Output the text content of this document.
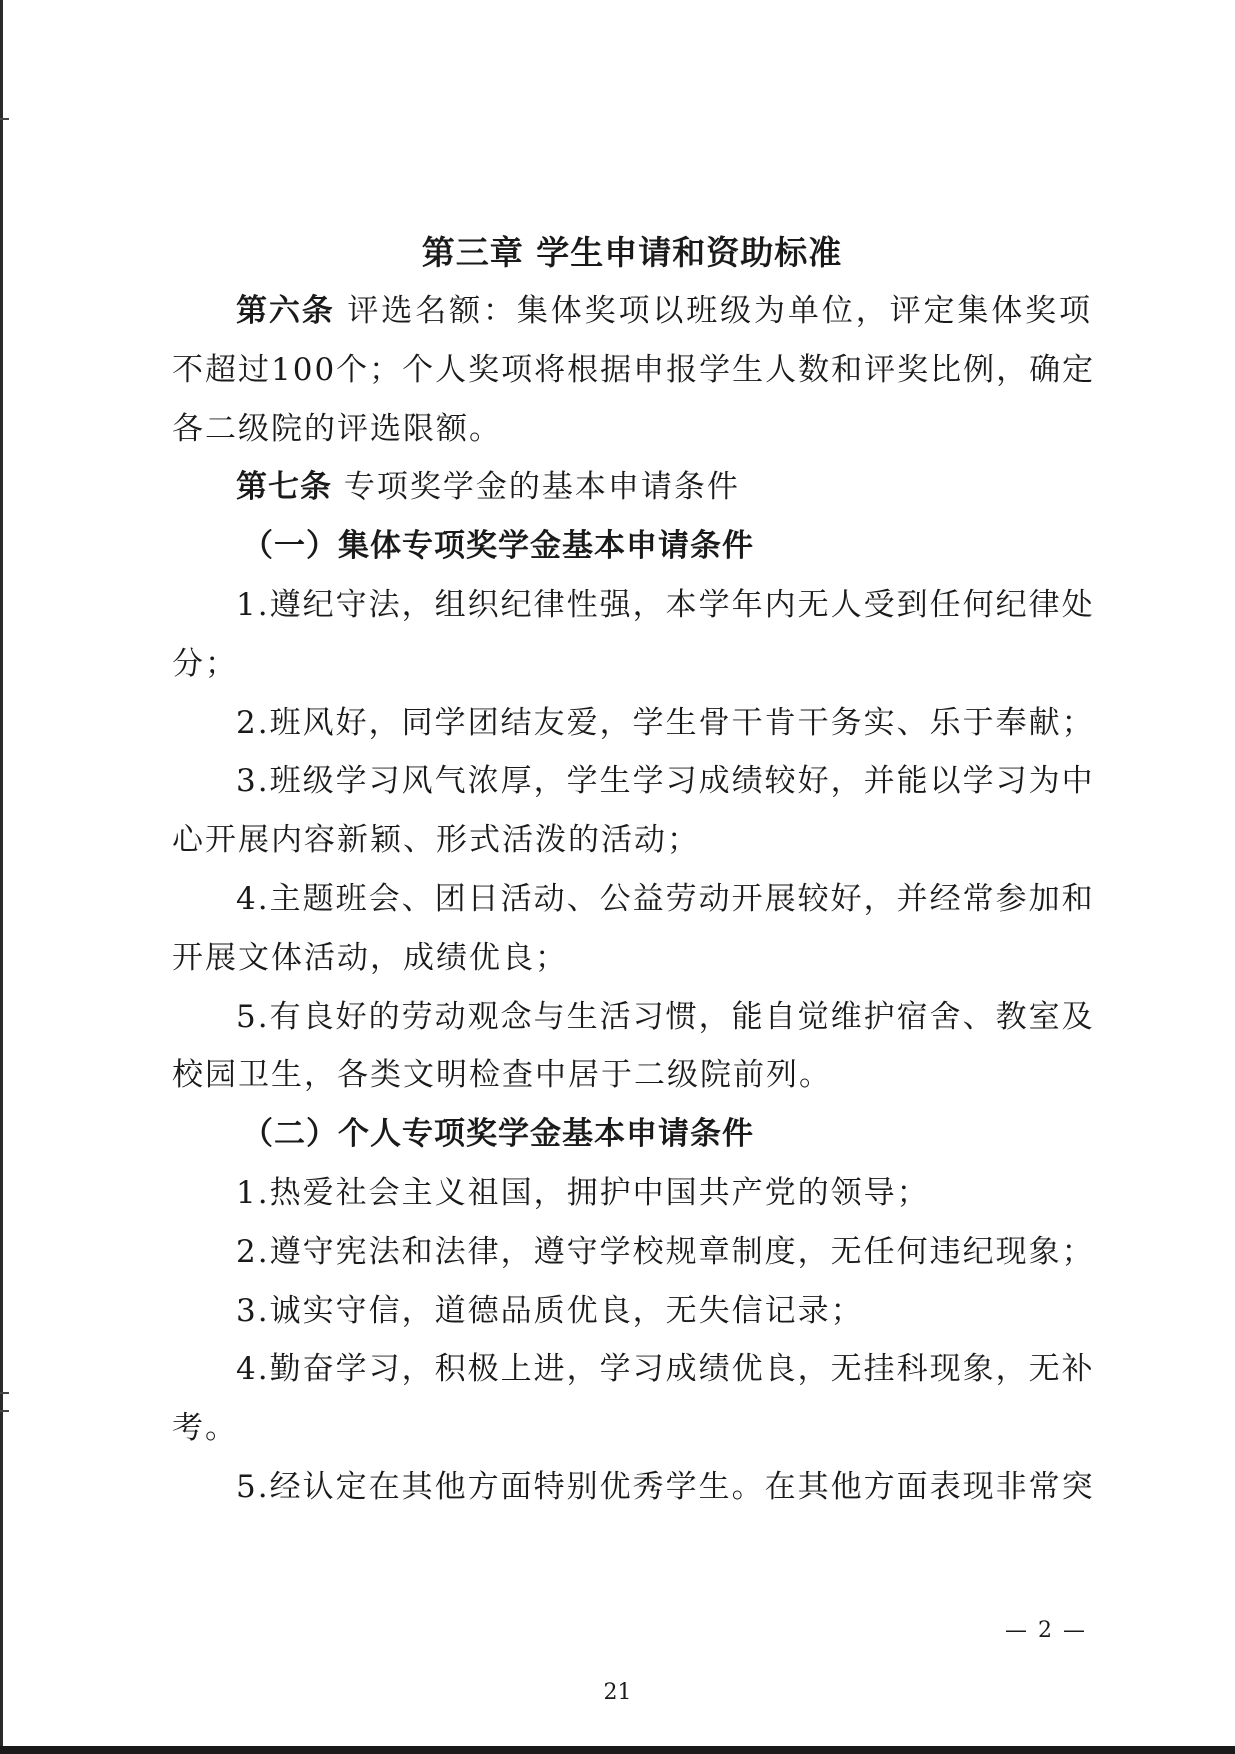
第三章 学生申请和资助标准

第六条 评选名额：集体奖项以班级为单位，评定集体奖项

不超过100个；个人奖项将根据申报学生人数和评奖比例，确定

各二级院的评选限额。

第七条 专项奖学金的基本申请条件

（一）集体专项奖学金基本申请条件

1.遵纪守法，组织纪律性强，本学年内无人受到任何纪律处

分；

2.班风好，同学团结友爱，学生骨干肯干务实、乐于奉献；

3.班级学习风气浓厚，学生学习成绩较好，并能以学习为中

心开展内容新颖、形式活泼的活动；

4.主题班会、团日活动、公益劳动开展较好，并经常参加和

开展文体活动，成绩优良；

5.有良好的劳动观念与生活习惯，能自觉维护宿舍、教室及

校园卫生，各类文明检查中居于二级院前列。

（二）个人专项奖学金基本申请条件

1.热爱社会主义祖国，拥护中国共产党的领导；

2.遵守宪法和法律，遵守学校规章制度，无任何违纪现象；

3.诚实守信，道德品质优良，无失信记录；

4.勤奋学习，积极上进，学习成绩优良，无挂科现象，无补

考。

5.经认定在其他方面特别优秀学生。在其他方面表现非常突

— 2 —
21
